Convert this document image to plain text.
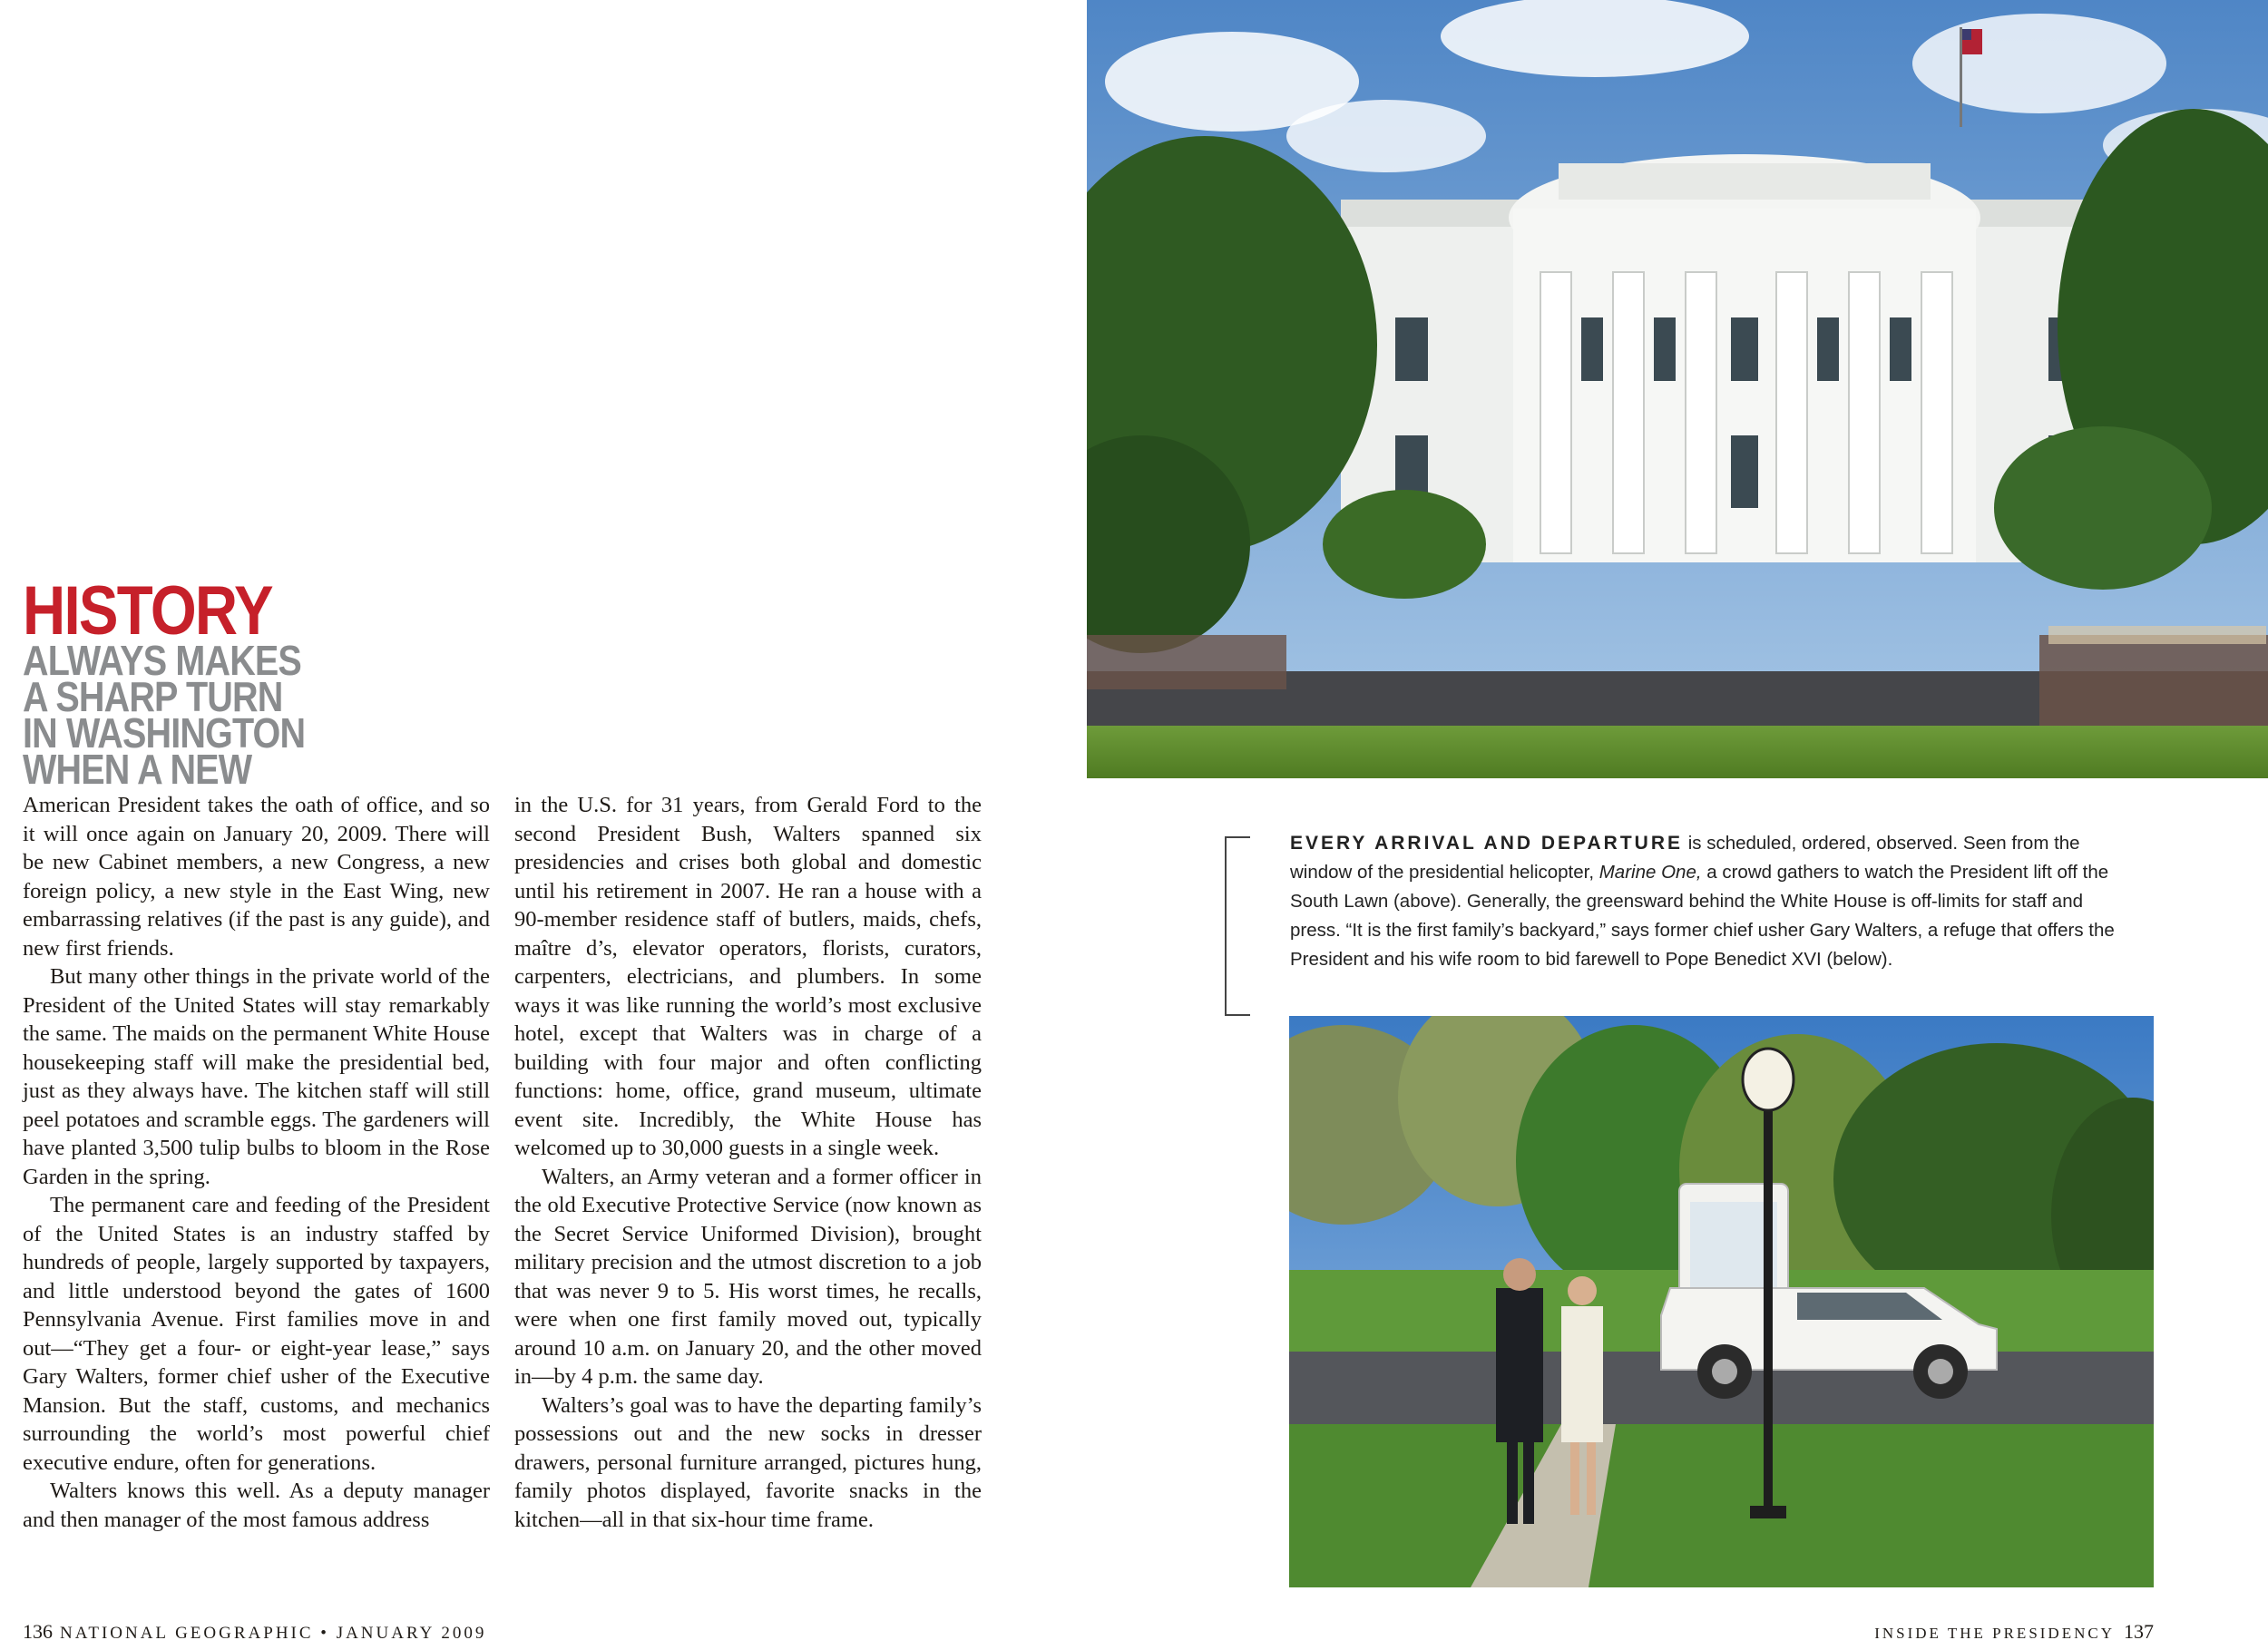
HISTORY
ALWAYS MAKES
A SHARP TURN
IN WASHINGTON
WHEN A NEW

American President takes the oath of office, and so it will once again on January 20, 2009. There will be new Cabinet members, a new Congress, a new foreign policy, a new style in the East Wing, new embarrassing relatives (if the past is any guide), and new first friends.

But many other things in the private world of the President of the United States will stay remarkably the same. The maids on the permanent White House housekeeping staff will make the presidential bed, just as they always have. The kitchen staff will still peel potatoes and scramble eggs. The gardeners will have planted 3,500 tulip bulbs to bloom in the Rose Garden in the spring.

The permanent care and feeding of the President of the United States is an industry staffed by hundreds of people, largely supported by taxpayers, and little understood beyond the gates of 1600 Pennsylvania Avenue. First families move in and out—“They get a four- or eight-year lease,” says Gary Walters, former chief usher of the Executive Mansion. But the staff, customs, and mechanics surrounding the world’s most powerful chief executive endure, often for generations.

Walters knows this well. As a deputy manager and then manager of the most famous address

in the U.S. for 31 years, from Gerald Ford to the second President Bush, Walters spanned six presidencies and crises both global and domestic until his retirement in 2007. He ran a house with a 90-member residence staff of butlers, maids, chefs, maître d’s, elevator operators, florists, curators, carpenters, electricians, and plumbers. In some ways it was like running the world’s most exclusive hotel, except that Walters was in charge of a building with four major and often conflicting functions: home, office, grand museum, ultimate event site. Incredibly, the White House has welcomed up to 30,000 guests in a single week.

Walters, an Army veteran and a former officer in the old Executive Protective Service (now known as the Secret Service Uniformed Division), brought military precision and the utmost discretion to a job that was never 9 to 5. His worst times, he recalls, were when one first family moved out, typically around 10 a.m. on January 20, and the other moved in—by 4 p.m. the same day.

Walters’s goal was to have the departing family’s possessions out and the new socks in dresser drawers, personal furniture arranged, pictures hung, family photos displayed, favorite snacks in the kitchen—all in that six-hour time frame.

EVERY ARRIVAL AND DEPARTURE is scheduled, ordered, observed. Seen from the window of the presidential helicopter, Marine One, a crowd gathers to watch the President lift off the South Lawn (above). Generally, the greensward behind the White House is off-limits for staff and press. “It is the first family’s backyard,” says former chief usher Gary Walters, a refuge that offers the President and his wife room to bid farewell to Pope Benedict XVI (below).
136 NATIONAL GEOGRAPHIC • JANUARY 2009	INSIDE THE PRESIDENCY 137
